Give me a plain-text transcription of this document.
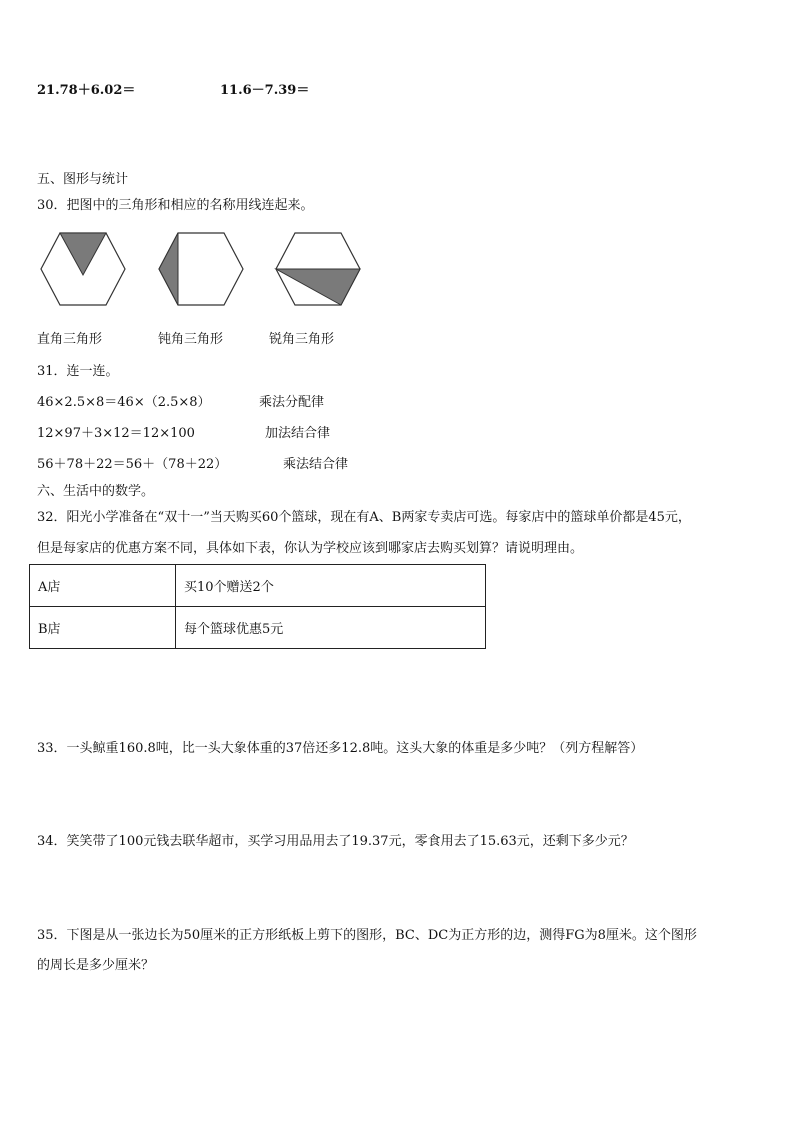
21.78＋6.02＝	11.6－7.39＝
五、图形与统计
30．把图中的三角形和相应的名称用线连起来。
直角三角形	钝角三角形	锐角三角形
31．连一连。
46×2.5×8＝46×（2.5×8）
12×97＋3×12＝12×100
56＋78＋22＝56＋（78＋22）
乘法分配律
加法结合律
乘法结合律
六、生活中的数学。
32．阳光小学准备在“双十一”当天购买60个篮球，现在有A、B两家专卖店可选。每家店中的篮球单价都是45元，
但是每家店的优惠方案不同，具体如下表，你认为学校应该到哪家店去购买划算？请说明理由。
A店	买10个赠送2个
B店	每个篮球优惠5元
33．一头鲸重160.8吨，比一头大象体重的37倍还多12.8吨。这头大象的体重是多少吨？（列方程解答）
34．笑笑带了100元钱去联华超市，买学习用品用去了19.37元，零食用去了15.63元，还剩下多少元？
35．下图是从一张边长为50厘米的正方形纸板上剪下的图形，BC、DC为正方形的边，测得FG为8厘米。这个图形
的周长是多少厘米？
